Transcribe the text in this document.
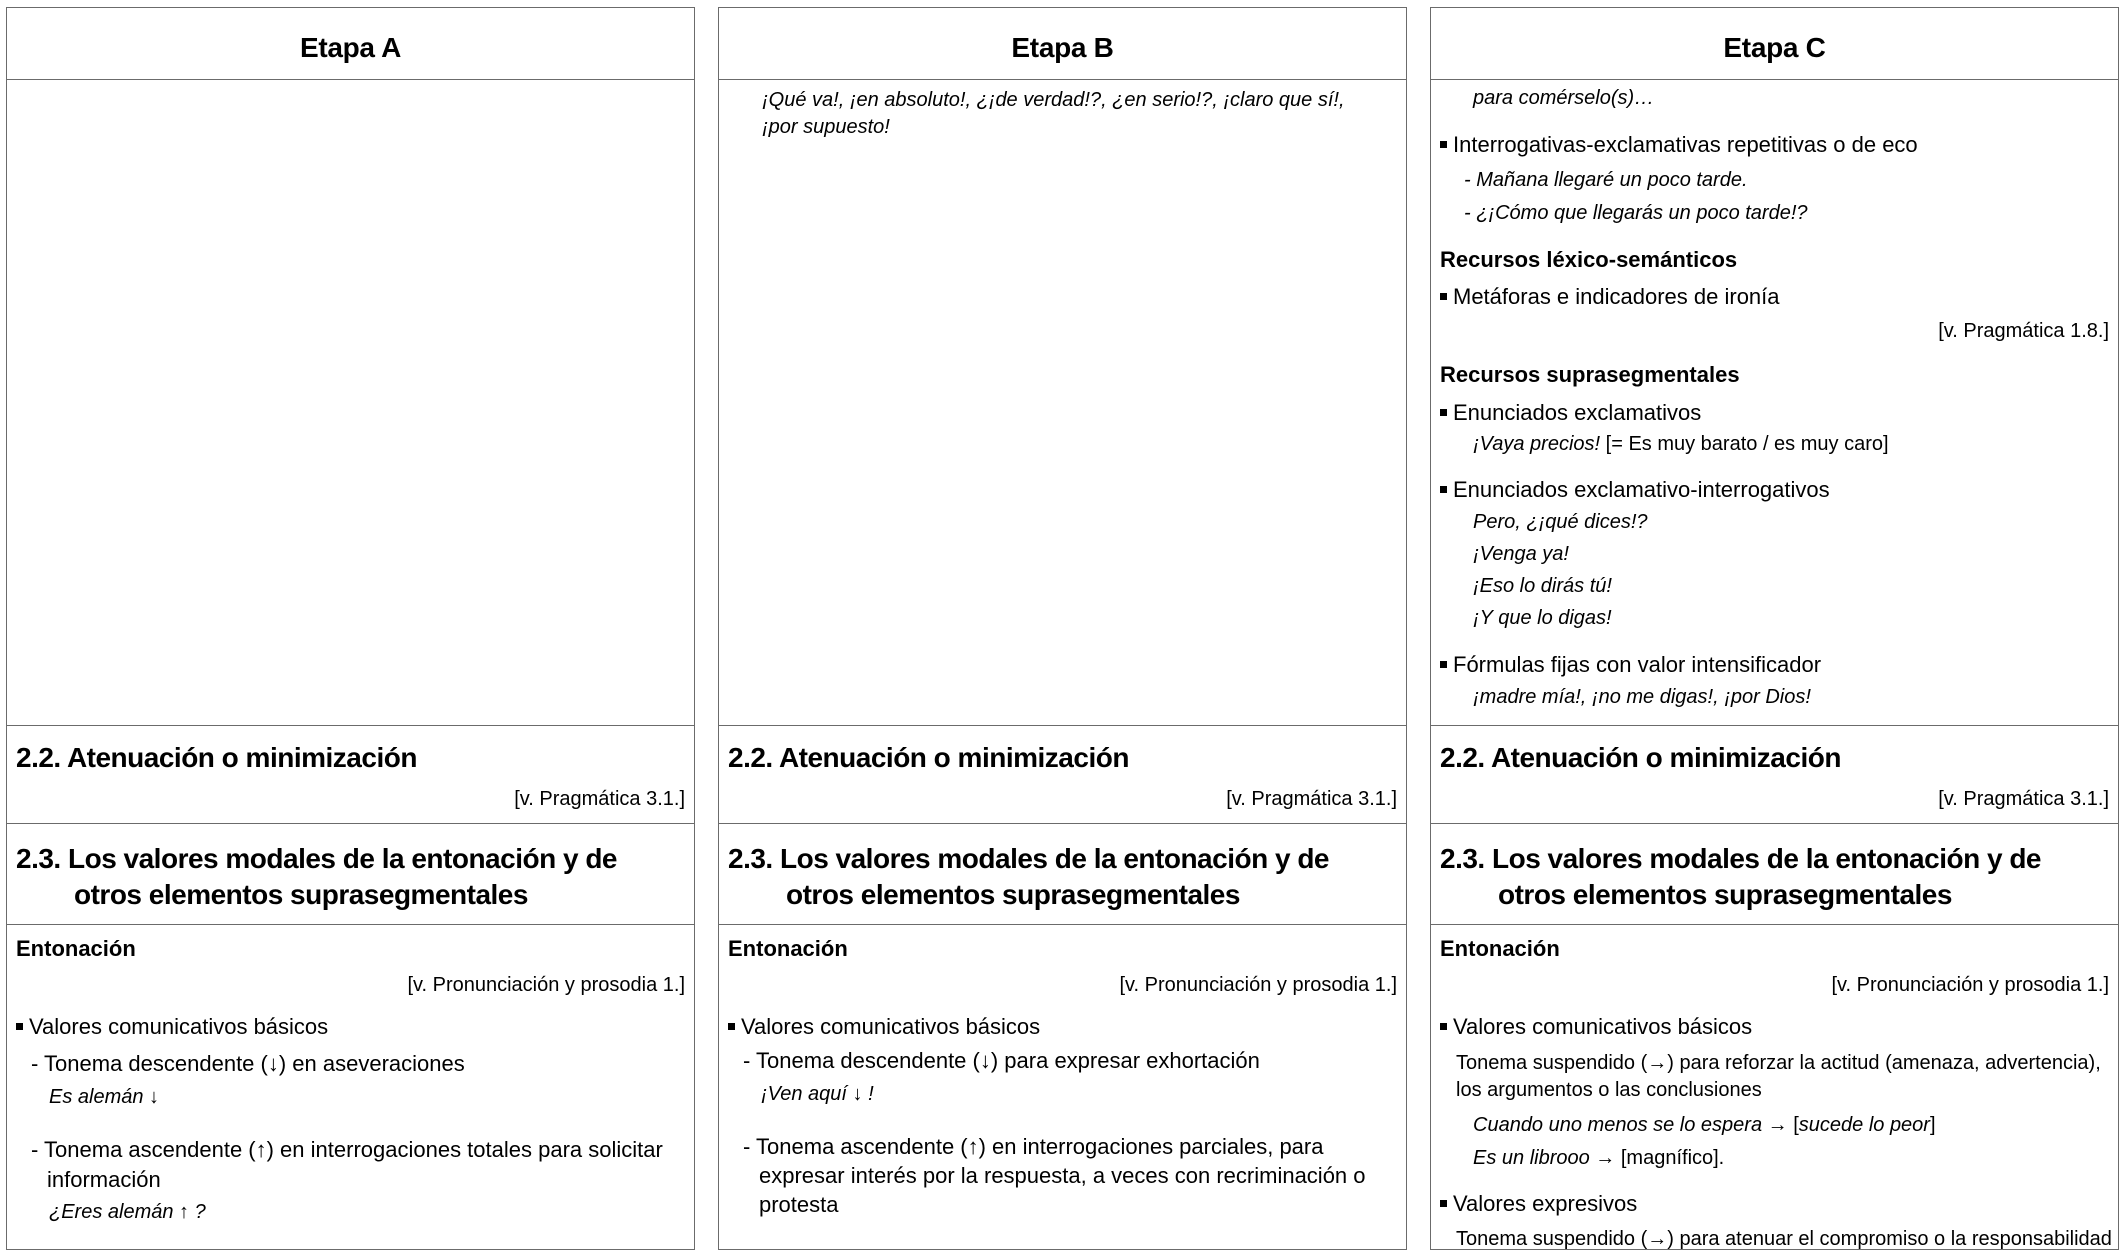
Etapa A
2.2. Atenuación o minimización
[v. Pragmática 3.1.]
2.3. Los valores modales de la entonación y de otros elementos suprasegmentales
Entonación
[v. Pronunciación y prosodia 1.]
Valores comunicativos básicos
- Tonema descendente (↓) en aseveraciones
Es alemán ↓
- Tonema ascendente (↑) en interrogaciones totales para solicitar información
¿Eres alemán ↑ ?
Etapa B
¡Qué va!, ¡en absoluto!, ¿¡de verdad!?, ¿en serio!?, ¡claro que sí!, ¡por supuesto!
2.2. Atenuación o minimización
[v. Pragmática 3.1.]
2.3. Los valores modales de la entonación y de otros elementos suprasegmentales
Entonación
[v. Pronunciación y prosodia 1.]
Valores comunicativos básicos
- Tonema descendente (↓) para expresar exhortación
¡Ven aquí ↓ !
- Tonema ascendente (↑) en interrogaciones parciales, para expresar interés por la respuesta, a veces con recriminación o protesta
Etapa C
para comérselo(s)…
Interrogativas-exclamativas repetitivas o de eco
- Mañana llegaré un poco tarde.
- ¿¡Cómo que llegarás un poco tarde!?
Recursos léxico-semánticos
Metáforas e indicadores de ironía
[v. Pragmática 1.8.]
Recursos suprasegmentales
Enunciados exclamativos
¡Vaya precios! [= Es muy barato / es muy caro]
Enunciados exclamativo-interrogativos
Pero, ¿¡qué dices!?
¡Venga ya!
¡Eso lo dirás tú!
¡Y que lo digas!
Fórmulas fijas con valor intensificador
¡madre mía!, ¡no me digas!, ¡por Dios!
2.2. Atenuación o minimización
[v. Pragmática 3.1.]
2.3. Los valores modales de la entonación y de otros elementos suprasegmentales
Entonación
[v. Pronunciación y prosodia 1.]
Valores comunicativos básicos
Tonema suspendido (→) para reforzar la actitud (amenaza, advertencia), los argumentos o las conclusiones
Cuando uno menos se lo espera → [sucede lo peor]
Es un librooo → [magnífico].
Valores expresivos
Tonema suspendido (→) para atenuar el compromiso o la responsabilidad
